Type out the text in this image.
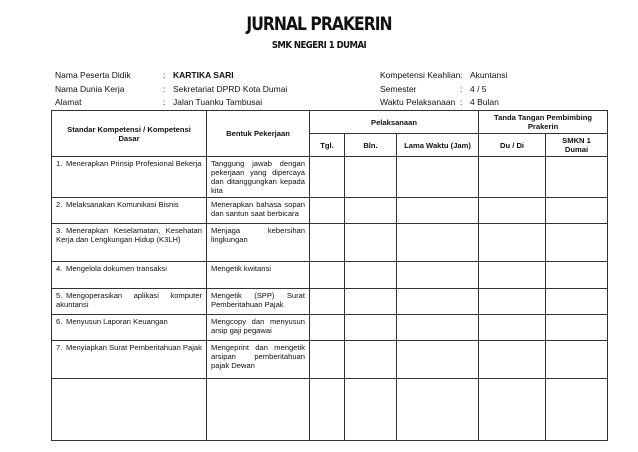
JURNAL PRAKERIN
SMK NEGERI 1 DUMAI
Nama Peserta Didik	: KARTIKA SARI
Nama Dunia Kerja	: Sekretariat DPRD Kota Dumai
Alamat	: Jalan Tuanku Tambusai
Kompetensi Keahlian: Akuntansi
Semester	: 4 / 5
Waktu Pelaksanaan : 4 Bulan
Standar Kompetensi / Kompetensi Dasar	Bentuk Pekerjaan	Pelaksanaan			Tanda Tangan Pembimbing Prakerin	
		Tgl.	Bln.	Lama Waktu (Jam)	Du / Di	SMKN 1 Dumai
1. Menerapkan Prinsip Profesional Bekerja	Tanggung jawab dengan pekerjaan yang dipercaya dan ditanggungkan kepada kita					
2. Melaksanakan Komunikasi Bisnis	Menerapkan bahasa sopan dan santun saat berbicara					
3. Menerapkan Keselamatan, Kesehatan Kerja dan Lengkungan Hidup (K3LH)	Menjaga kebersihan lingkungan					
4. Mengelola dokumen transaksi	Mengetik kwitansi					
5. Mengoperasikan aplikasi komputer akuntansi	Mengetik (SPP) Surat Pemberitahuan Pajak					
6. Menyusun Laporan Keuangan	Mengcopy dan menyusun arsip gaji pegawai					
7. Menyiapkan Surat Pemberitahuan Pajak	Mengeprint dan mengetik arsipan pemberitahuan pajak Dewan					
